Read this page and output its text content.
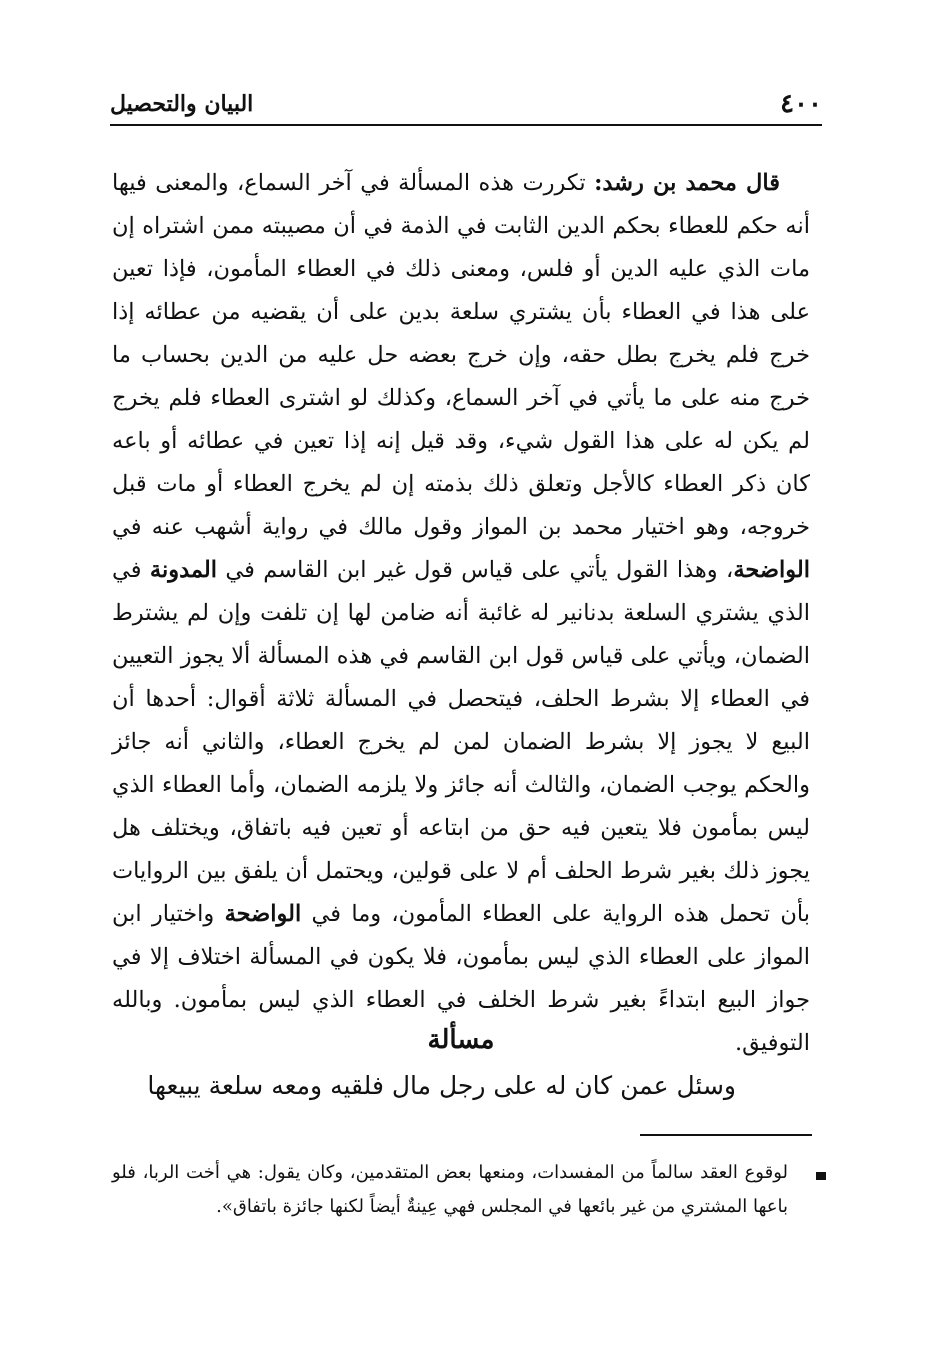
٤٠٠
البيان والتحصيل

قال محمد بن رشد: تكررت هذه المسألة في آخر السماع، والمعنى فيها أنه حكم للعطاء بحكم الدين الثابت في الذمة في أن مصيبته ممن اشتراه إن مات الذي عليه الدين أو فلس، ومعنى ذلك في العطاء المأمون، فإذا تعين على هذا في العطاء بأن يشتري سلعة بدين على أن يقضيه من عطائه إذا خرج فلم يخرج بطل حقه، وإن خرج بعضه حل عليه من الدين بحساب ما خرج منه على ما يأتي في آخر السماع، وكذلك لو اشترى العطاء فلم يخرج لم يكن له على هذا القول شيء، وقد قيل إنه إذا تعين في عطائه أو باعه كان ذكر العطاء كالأجل وتعلق ذلك بذمته إن لم يخرج العطاء أو مات قبل خروجه، وهو اختيار محمد بن المواز وقول مالك في رواية أشهب عنه في الواضحة، وهذا القول يأتي على قياس قول غير ابن القاسم في المدونة في الذي يشتري السلعة بدنانير له غائبة أنه ضامن لها إن تلفت وإن لم يشترط الضمان، ويأتي على قياس قول ابن القاسم في هذه المسألة ألا يجوز التعيين في العطاء إلا بشرط الحلف، فيتحصل في المسألة ثلاثة أقوال: أحدها أن البيع لا يجوز إلا بشرط الضمان لمن لم يخرج العطاء، والثاني أنه جائز والحكم يوجب الضمان، والثالث أنه جائز ولا يلزمه الضمان، وأما العطاء الذي ليس بمأمون فلا يتعين فيه حق من ابتاعه أو تعين فيه باتفاق، ويختلف هل يجوز ذلك بغير شرط الحلف أم لا على قولين، ويحتمل أن يلفق بين الروايات بأن تحمل هذه الرواية على العطاء المأمون، وما في الواضحة واختيار ابن المواز على العطاء الذي ليس بمأمون، فلا يكون في المسألة اختلاف إلا في جواز البيع ابتداءً بغير شرط الخلف في العطاء الذي ليس بمأمون. وبالله التوفيق.

مسألة
وسئل عمن كان له على رجل مال فلقيه ومعه سلعة يبيعها
لوقوع العقد سالماً من المفسدات، ومنعها بعض المتقدمين، وكان يقول: هي أخت الربا، فلو باعها المشتري من غير بائعها في المجلس فهي عِينةٌ أيضاً لكنها جائزة باتفاق».
